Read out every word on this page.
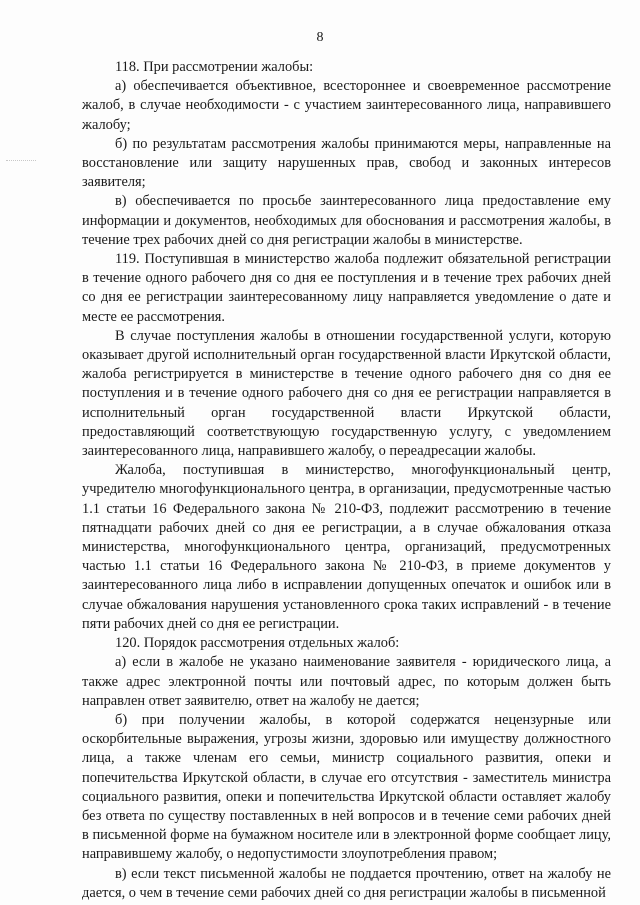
8

118. При рассмотрении жалобы:

а) обеспечивается объективное, всестороннее и своевременное рассмотрение жалоб, в случае необходимости - с участием заинтересованного лица, направившего жалобу;

б) по результатам рассмотрения жалобы принимаются меры, направленные на восстановление или защиту нарушенных прав, свобод и законных интересов заявителя;

в) обеспечивается по просьбе заинтересованного лица предоставление ему информации и документов, необходимых для обоснования и рассмотрения жалобы, в течение трех рабочих дней со дня регистрации жалобы в министерстве.

119. Поступившая в министерство жалоба подлежит обязательной регистрации в течение одного рабочего дня со дня ее поступления и в течение трех рабочих дней со дня ее регистрации заинтересованному лицу направляется уведомление о дате и месте ее рассмотрения.

В случае поступления жалобы в отношении государственной услуги, которую оказывает другой исполнительный орган государственной власти Иркутской области, жалоба регистрируется в министерстве в течение одного рабочего дня со дня ее поступления и в течение одного рабочего дня со дня ее регистрации направляется в исполнительный орган государственной власти Иркутской области, предоставляющий соответствующую государственную услугу, с уведомлением заинтересованного лица, направившего жалобу, о переадресации жалобы.

Жалоба, поступившая в министерство, многофункциональный центр, учредителю многофункционального центра, в организации, предусмотренные частью 1.1 статьи 16 Федерального закона № 210-ФЗ, подлежит рассмотрению в течение пятнадцати рабочих дней со дня ее регистрации, а в случае обжалования отказа министерства, многофункционального центра, организаций, предусмотренных частью 1.1 статьи 16 Федерального закона № 210-ФЗ, в приеме документов у заинтересованного лица либо в исправлении допущенных опечаток и ошибок или в случае обжалования нарушения установленного срока таких исправлений - в течение пяти рабочих дней со дня ее регистрации.

120. Порядок рассмотрения отдельных жалоб:

а) если в жалобе не указано наименование заявителя - юридического лица, а также адрес электронной почты или почтовый адрес, по которым должен быть направлен ответ заявителю, ответ на жалобу не дается;

б) при получении жалобы, в которой содержатся нецензурные или оскорбительные выражения, угрозы жизни, здоровью или имуществу должностного лица, а также членам его семьи, министр социального развития, опеки и попечительства Иркутской области, в случае его отсутствия - заместитель министра социального развития, опеки и попечительства Иркутской области оставляет жалобу без ответа по существу поставленных в ней вопросов и в течение семи рабочих дней в письменной форме на бумажном носителе или в электронной форме сообщает лицу, направившему жалобу, о недопустимости злоупотребления правом;

в) если текст письменной жалобы не поддается прочтению, ответ на жалобу не дается, о чем в течение семи рабочих дней со дня регистрации жалобы в письменной
